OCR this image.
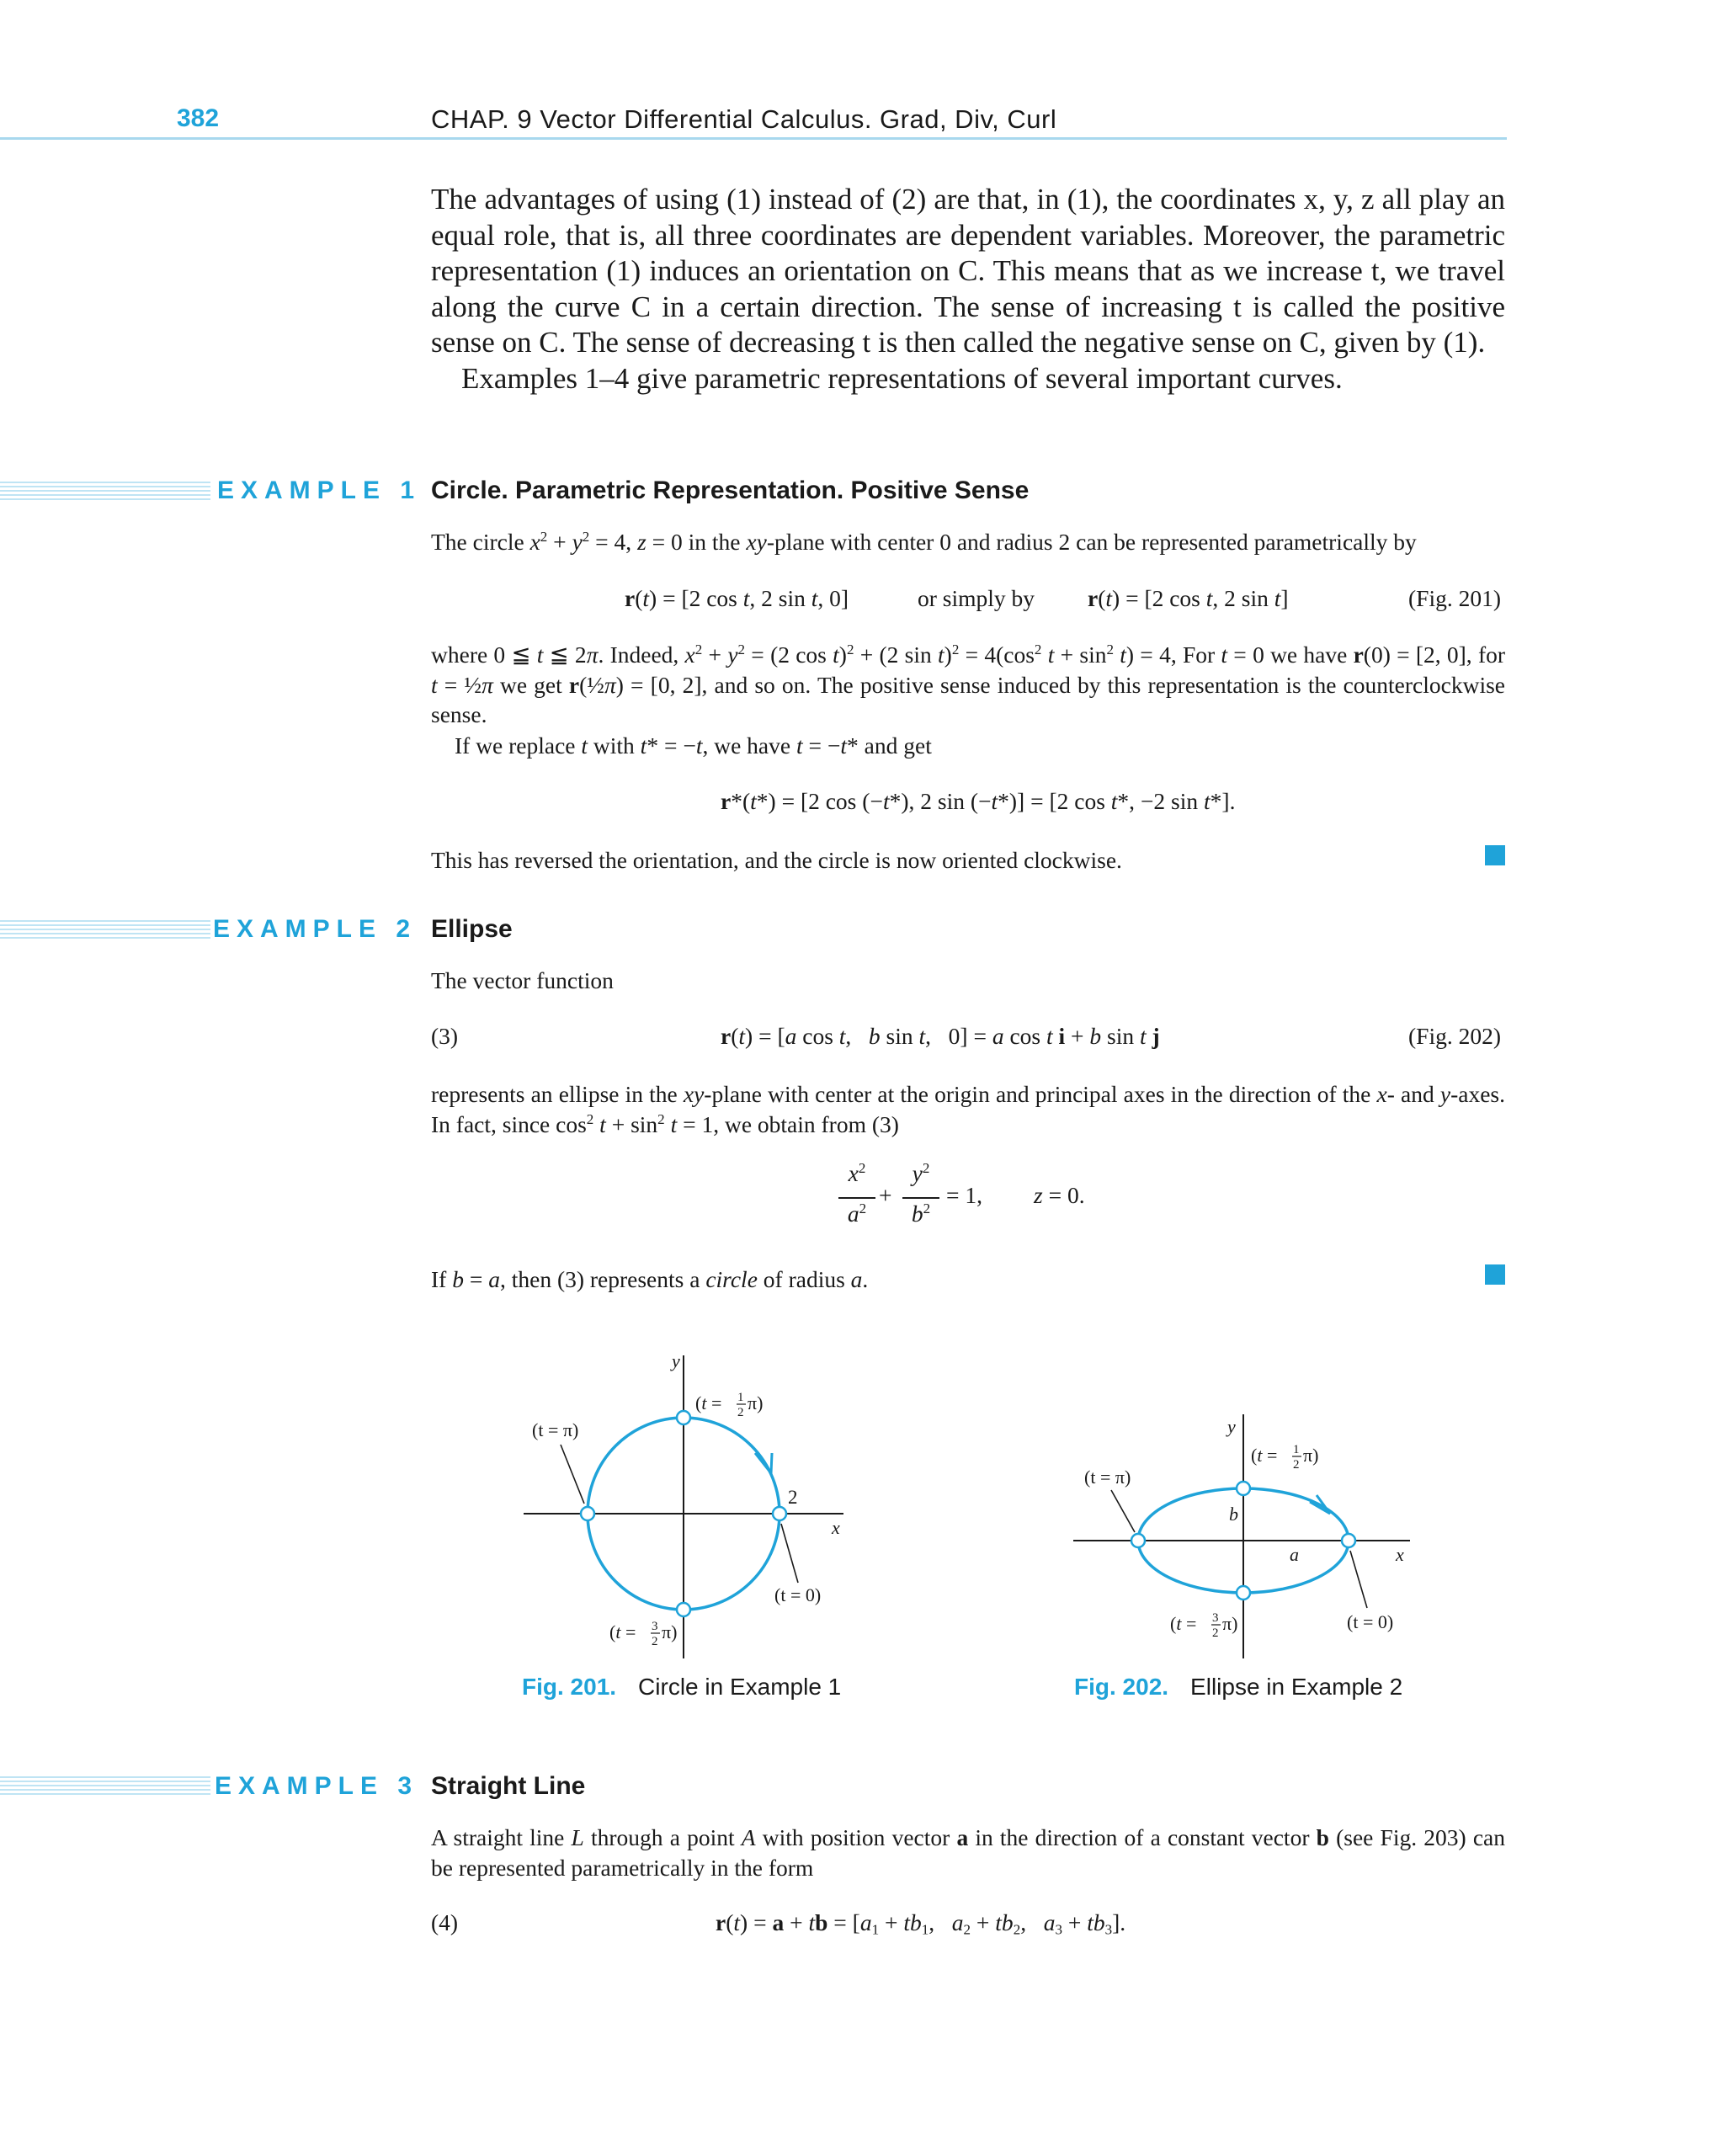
382	CHAP. 9 Vector Differential Calculus. Grad, Div, Curl

The advantages of using (1) instead of (2) are that, in (1), the coordinates x, y, z all play an equal role, that is, all three coordinates are dependent variables. Moreover, the parametric representation (1) induces an orientation on C. This means that as we increase t, we travel along the curve C in a certain direction. The sense of increasing t is called the positive sense on C. The sense of decreasing t is then called the negative sense on C, given by (1).

Examples 1–4 give parametric representations of several important curves.

EXAMPLE 1 Circle. Parametric Representation. Positive Sense
The circle $x^2 + y^2 = 4$, z = 0 in the xy-plane with center 0 and radius 2 can be represented parametrically by
r(t) = [2 cos t, 2 sin t, 0]	or simply by r(t) = [2 cos t, 2 sin t]	(Fig. 201)
where 0 ≦ t ≦ 2π. Indeed, $x^2 + y^2 = (2$ cos t)$^2$ + (2 $\sin t)^2 = 4(\cos^2$ $t + \sin^2 t) = 4$, For t = 0 we have r(0) = [2, 0], for t = ½π we get r(½π) = [0, 2], and so on. The positive sense induced by this representation is the counterclockwise sense.
If we replace t with t* = −t, we have t = −t* and get
r*(t*) = [2 cos (−t*), 2 sin (−t*)] = [2 cos t*, −2 sin t*].
This has reversed the orientation, and the circle is now oriented clockwise.
EXAMPLE 2 Ellipse
The vector function
(3)	r(t) = [a cos t,   b sin t,   0] = a cos t i + b sin t j	(Fig. 202)
represents an ellipse in the xy-plane with center at the origin and principal axes in the direction of the x- and y-axes. In fact, since $\cos^2 t + \sin^2 t = 1$, we obtain from (3)
$x^2$
$a^2$
+
$y^2$
$b^2$
= 1, z = 0.
If b = a, then (3) represents a circle of radius a.
y
x
2
(t = π)
(t = 0)
(t = 1
2 π)
(t = 3
2 π)
Fig. 201. Circle in Example 1
y
x
a
b
(t = π)
(t = 0)
(t = 1
2 π)
(t = 3
2 π)
Fig. 202. Ellipse in Example 2
EXAMPLE 3 Straight Line
A straight line L through a point A with position vector a in the direction of a constant vector b (see Fig. 203) can be represented parametrically in the form
(4)	r(t) = a + tb = [$a_1 + tb_1$,   $a_2 + tb_2$,   $a_3 + tb_3$].
